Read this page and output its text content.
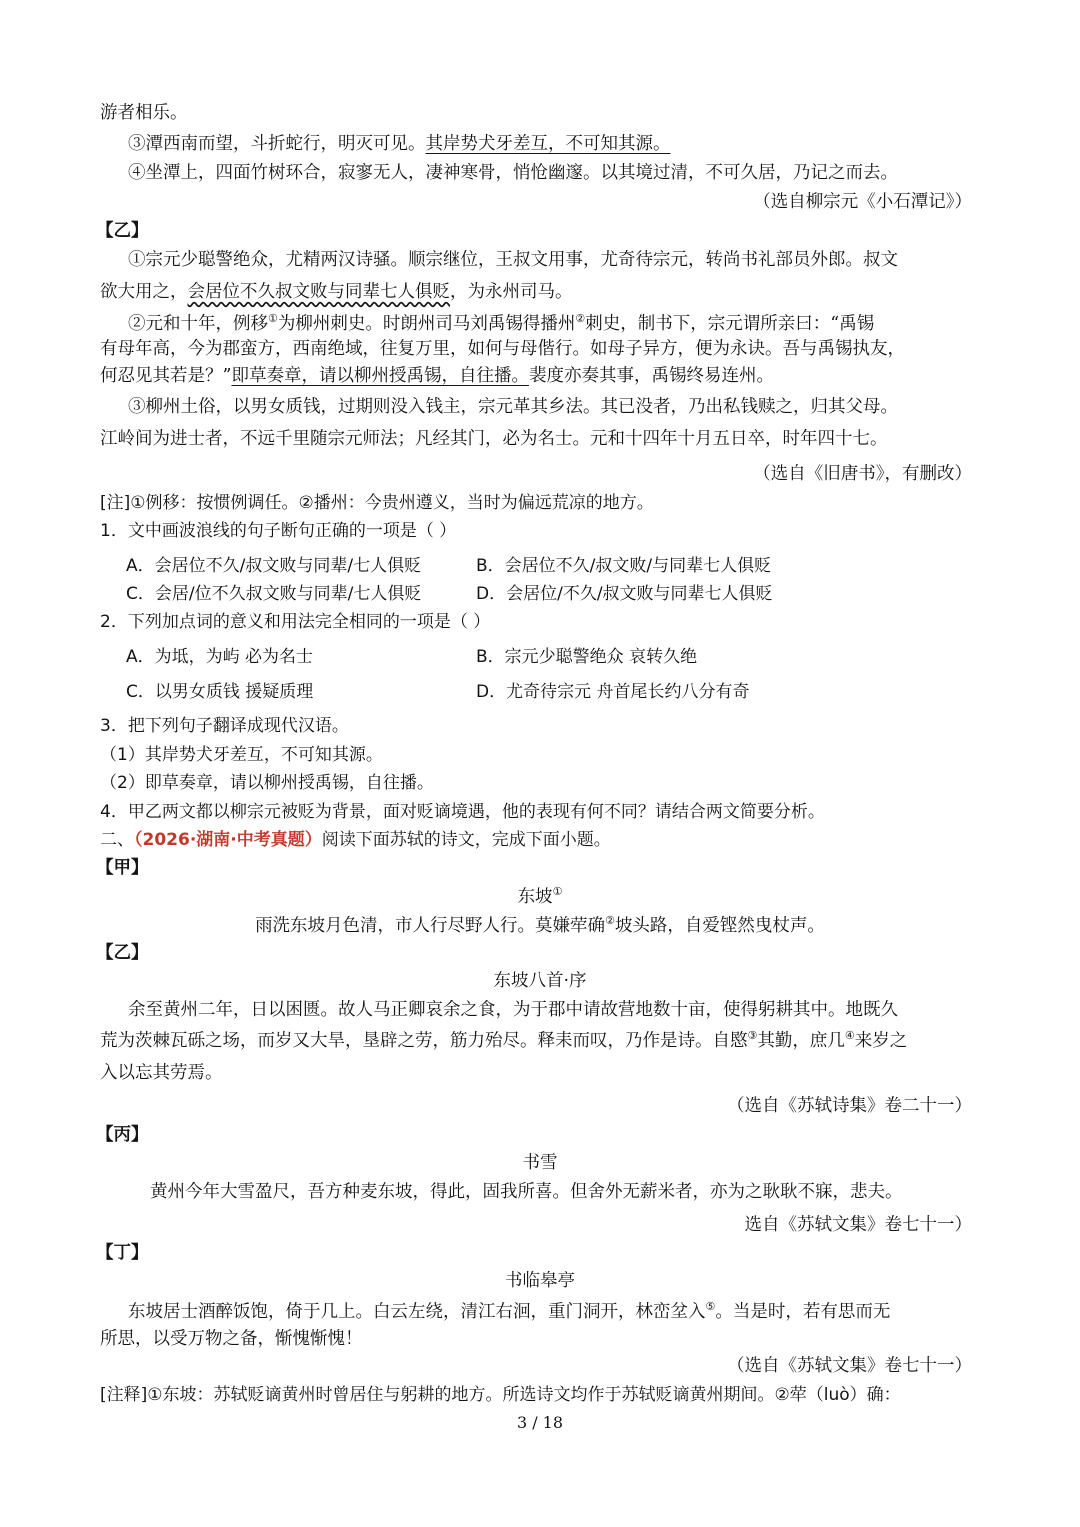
游者相乐。
③潭西南而望，斗折蛇行，明灭可见。其岸势犬牙差互，不可知其源。
④坐潭上，四面竹树环合，寂寥无人，凄神寒骨，悄怆幽邃。以其境过清，不可久居，乃记之而去。
（选自柳宗元《小石潭记》）
【乙】
①宗元少聪警绝众，尤精两汉诗骚。顺宗继位，王叔文用事，尤奇待宗元，转尚书礼部员外郎。叔文
欲大用之，会居位不久叔文败与同辈七人俱贬，为永州司马。
②元和十年，例移①为柳州刺史。时朗州司马刘禹锡得播州②刺史，制书下，宗元谓所亲曰：“禹锡
有母年高，今为郡蛮方，西南绝域，往复万里，如何与母偕行。如母子异方，便为永诀。吾与禹锡执友，
何忍见其若是？”即草奏章，请以柳州授禹锡，自往播。裴度亦奏其事，禹锡终易连州。
③柳州土俗，以男女质钱，过期则没入钱主，宗元革其乡法。其已没者，乃出私钱赎之，归其父母。
江岭间为进士者，不远千里随宗元师法；凡经其门，必为名士。元和十四年十月五日卒，时年四十七。
（选自《旧唐书》，有删改）
[注]①例移：按惯例调任。②播州：今贵州遵义，当时为偏远荒凉的地方。
1．文中画波浪线的句子断句正确的一项是（ ）
A．会居位不久/叔文败与同辈/七人俱贬	B．会居位不久/叔文败/与同辈七人俱贬
C．会居/位不久叔文败与同辈/七人俱贬	D．会居位/不久/叔文败与同辈七人俱贬
2．下列加点词的意义和用法完全相同的一项是（ ）
A．为坻，为屿 必为名士	B．宗元少聪警绝众 哀转久绝
C．以男女质钱 援疑质理	D．尤奇待宗元 舟首尾长约八分有奇
3．把下列句子翻译成现代汉语。
（1）其岸势犬牙差互，不可知其源。
（2）即草奏章，请以柳州授禹锡，自往播。
4．甲乙两文都以柳宗元被贬为背景，面对贬谪境遇，他的表现有何不同？请结合两文简要分析。
二、（2026·湖南·中考真题）阅读下面苏轼的诗文，完成下面小题。
【甲】
东坡①
雨洗东坡月色清，市人行尽野人行。莫嫌荦确②坡头路，自爱铿然曳杖声。
【乙】
东坡八首·序
余至黄州二年，日以困匮。故人马正卿哀余之食，为于郡中请故营地数十亩，使得躬耕其中。地既久
荒为茨棘瓦砾之场，而岁又大旱，垦辟之劳，筋力殆尽。释耒而叹，乃作是诗。自愍③其勤，庶几④来岁之
入以忘其劳焉。
（选自《苏轼诗集》卷二十一）
【丙】
书雪
黄州今年大雪盈尺，吾方种麦东坡，得此，固我所喜。但舍外无薪米者，亦为之耿耿不寐，悲夫。
选自《苏轼文集》卷七十一）
【丁】
书临皋亭
东坡居士酒醉饭饱，倚于几上。白云左绕，清江右洄，重门洞开，林峦坌入⑤。当是时，若有思而无
所思，以受万物之备，惭愧惭愧！
（选自《苏轼文集》卷七十一）
[注释]①东坡：苏轼贬谪黄州时曾居住与躬耕的地方。所选诗文均作于苏轼贬谪黄州期间。②荦（luò）确：
3 / 18
